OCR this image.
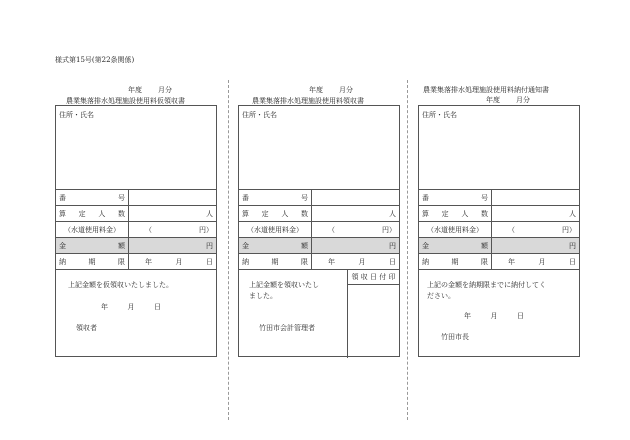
様式第15号(第22条関係)
年度 月分
農業集落排水処理施設使用料仮領収書
年度 月分
農業集落排水処理施設使用料領収書
農業集落排水処理施設使用料納付通知書
年度 月分
住所・氏名
番	号
算 定 人 数	人
（水道使用料金）	（	円）
金	額	円
納	期	限	年	月	日
上記金額を仮領収いたしました。
年	月	日
領収者
住所・氏名
番	号
算 定 人 数	人
（水道使用料金）	（	円）
金	額	円
納	期	限	年	月	日
上記金額を領収いたし
ました。
領 収 日 付 印
竹田市会計管理者
住所・氏名
番	号
算 定 人 数	人
（水道使用料金）	（	円）
金	額	円
納	期	限	年	月	日
上記の金額を納期限までに納付してく
ださい。
年	月	日
竹田市長
